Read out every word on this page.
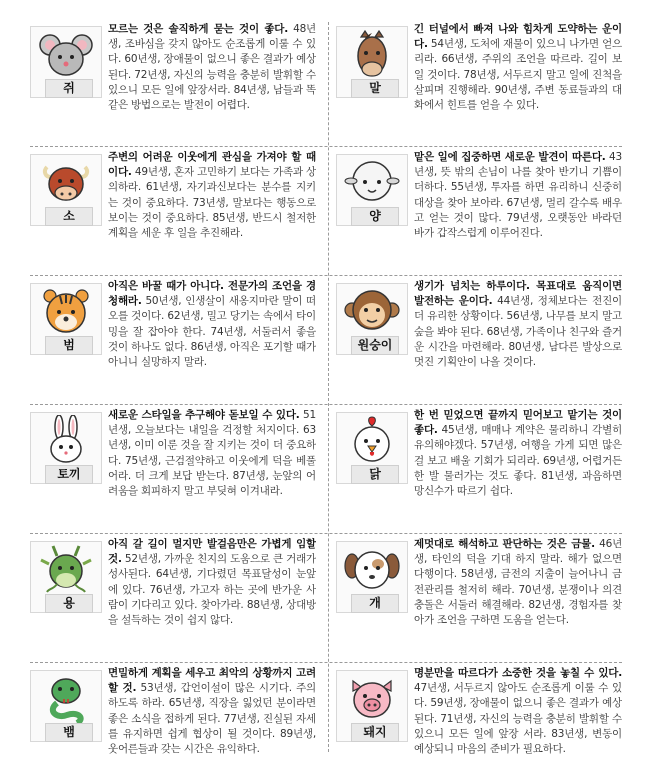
쥐
모르는 것은 솔직하게 묻는 것이 좋다. 48년생, 조바심을 갖지 않아도 순조롭게 이룰 수 있다. 60년생, 장애물이 없으니 좋은 결과가 예상된다. 72년생, 자신의 능력을 충분히 발휘할 수 있으니 모든 일에 앞장서라. 84년생, 남들과 똑같은 방법으로는 발전이 어렵다.
말
긴 터널에서 빠져 나와 힘차게 도약하는 운이다. 54년생, 도처에 재물이 있으니 나가면 얻으리라. 66년생, 주위의 조언을 따르라. 길이 보일 것이다. 78년생, 서두르지 말고 일에 진척을 살피며 진행해라. 90년생, 주변 동료들과의 대화에서 힌트를 얻을 수 있다.
소
주변의 어려운 이웃에게 관심을 가져야 할 때이다. 49년생, 혼자 고민하기 보다는 가족과 상의하라. 61년생, 자기과신보다는 분수를 지키는 것이 중요하다. 73년생, 말보다는 행동으로 보이는 것이 중요하다. 85년생, 반드시 철저한 계획을 세운 후 일을 추진해라.
양
맡은 일에 집중하면 새로운 발견이 따른다. 43년생, 뜻 밖의 손님이 나를 찾아 반기니 기쁨이 더하다. 55년생, 투자를 하면 유리하니 신중히 대상을 찾아 보아라. 67년생, 멀리 갈수록 배우고 얻는 것이 많다. 79년생, 오랫동안 바라던 바가 갑작스럽게 이루어진다.
범
아직은 바꿀 때가 아니다. 전문가의 조언을 경청해라. 50년생, 인생살이 새옹지마란 말이 떠오를 것이다. 62년생, 밀고 당기는 속에서 타이밍을 잘 잡아야 한다. 74년생, 서둘러서 좋을 것이 하나도 없다. 86년생, 아직은 포기할 때가 아니니 실망하지 말라.
원숭이
생기가 넘치는 하루이다. 목표대로 움직이면 발전하는 운이다. 44년생, 정체보다는 전진이 더 유리한 상황이다. 56년생, 나무를 보지 말고 숲을 봐야 된다. 68년생, 가족이나 친구와 즐거운 시간을 마련해라. 80년생, 남다른 발상으로 멋진 기획안이 나올 것이다.
토끼
새로운 스타일을 추구해야 돋보일 수 있다. 51년생, 오늘보다는 내일을 걱정할 처지이다. 63년생, 이미 이룬 것을 잘 지키는 것이 더 중요하다. 75년생, 근검절약하고 이웃에게 덕을 베풀어라. 더 크게 보답 받는다. 87년생, 눈앞의 어려움을 회피하지 말고 부딪혀 이겨내라.
닭
한 번 믿었으면 끝까지 믿어보고 맡기는 것이 좋다. 45년생, 매매나 계약은 물리하니 각별히 유의해야겠다. 57년생, 여행을 가게 되면 많은 걸 보고 배울 기회가 되리라. 69년생, 어렵거든 한 발 물러가는 것도 좋다. 81년생, 과음하면 망신수가 따르기 쉽다.
용
아직 갈 길이 멀지만 발걸음만은 가볍게 임할 것. 52년생, 가까운 친지의 도움으로 큰 거래가 성사된다. 64년생, 기다렸던 목표달성이 눈앞에 있다. 76년생, 가고자 하는 곳에 반가운 사람이 기다리고 있다. 찾아가라. 88년생, 상대방을 설득하는 것이 쉽지 않다.
개
제멋대로 해석하고 판단하는 것은 금물. 46년생, 타인의 덕을 기대 하지 말라. 해가 없으면 다행이다. 58년생, 금전의 지출이 늘어나니 금전관리를 철저히 해라. 70년생, 분쟁이나 의견충돌은 서둘러 해결해라. 82년생, 경험자를 찾아가 조언을 구하면 도움을 얻는다.
뱀
면밀하게 계획을 세우고 최악의 상황까지 고려할 것. 53년생, 갑언이설이 많은 시기다. 주의하도록 하라. 65년생, 직장을 잃었던 분이라면 좋은 소식을 접하게 된다. 77년생, 진실된 자세를 유지하면 쉽게 협상이 될 것이다. 89년생, 웃어른들과 갖는 시간은 유익하다.
돼지
명분만을 따르다가 소중한 것을 놓칠 수 있다. 47년생, 서두르지 않아도 순조롭게 이룰 수 있다. 59년생, 장애물이 없으니 좋은 결과가 예상된다. 71년생, 자신의 능력을 충분히 발휘할 수 있으니 모든 일에 앞장 서라. 83년생, 변동이 예상되니 마음의 준비가 필요하다.
